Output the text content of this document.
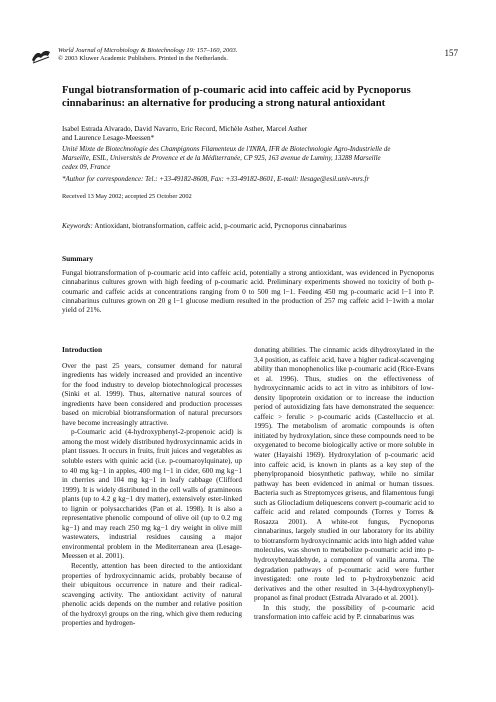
World Journal of Microbiology & Biotechnology 19: 157–160, 2003.
© 2003 Kluwer Academic Publishers. Printed in the Netherlands.
157
Fungal biotransformation of p-coumaric acid into caffeic acid by Pycnoporus cinnabarinus: an alternative for producing a strong natural antioxidant
Isabel Estrada Alvarado, David Navarro, Eric Record, Michèle Asther, Marcel Asther
and Laurence Lesage-Meessen*
Unité Mixte de Biotechnologie des Champignons Filamenteux de l'INRA, IFR de Biotechnologie Agro-Industrielle de
Marseille, ESIL, Universités de Provence et de la Méditerranée, CP 925, 163 avenue de Luminy, 13288 Marseille
cedex 09, France
*Author for correspondence: Tel.: +33-49182-8608, Fax: +33-49182-8601, E-mail: llesage@esil.univ-mrs.fr
Received 13 May 2002; accepted 25 October 2002
Keywords: Antioxidant, biotransformation, caffeic acid, p-coumaric acid, Pycnoporus cinnabarinus
Summary
Fungal biotransformation of p-coumaric acid into caffeic acid, potentially a strong antioxidant, was evidenced in Pycnoporus cinnabarinus cultures grown with high feeding of p-coumaric acid. Preliminary experiments showed no toxicity of both p-coumaric and caffeic acids at concentrations ranging from 0 to 500 mg l−1. Feeding 450 mg p-coumaric acid l−1 into P. cinnabarinus cultures grown on 20 g l−1 glucose medium resulted in the production of 257 mg caffeic acid l−1with a molar yield of 21%.
Introduction

Over the past 25 years, consumer demand for natural ingredients has widely increased and provided an incentive for the food industry to develop biotechnological processes (Sinki et al. 1999). Thus, alternative natural sources of ingredients have been considered and production processes based on microbial biotransformation of natural precursors have become increasingly attractive.

p-Coumaric acid (4-hydroxyphenyl-2-propenoic acid) is among the most widely distributed hydroxycinnamic acids in plant tissues. It occurs in fruits, fruit juices and vegetables as soluble esters with quinic acid (i.e. p-coumaroylquinate), up to 40 mg kg−1 in apples, 400 mg l−1 in cider, 600 mg kg−1 in cherries and 104 mg kg−1 in leafy cabbage (Clifford 1999). It is widely distributed in the cell walls of gramineous plants (up to 4.2 g kg−1 dry matter), extensively ester-linked to lignin or polysaccharides (Pan et al. 1998). It is also a representative phenolic compound of olive oil (up to 0.2 mg kg−1) and may reach 250 mg kg−1 dry weight in olive mill wastewaters, industrial residues causing a major environmental problem in the Mediterranean area (Lesage-Meessen et al. 2001).

Recently, attention has been directed to the antioxidant properties of hydroxycinnamic acids, probably because of their ubiquitous occurrence in nature and their radical-scavenging activity. The antioxidant activity of natural phenolic acids depends on the number and relative position of the hydroxyl groups on the ring, which give them reducing properties and hydrogen-

donating abilities. The cinnamic acids dihydroxylated in the 3,4 position, as caffeic acid, have a higher radical-scavenging ability than monophenolics like p-coumaric acid (Rice-Evans et al. 1996). Thus, studies on the effectiveness of hydroxycinnamic acids to act in vitro as inhibitors of low-density lipoprotein oxidation or to increase the induction period of autoxidizing fats have demonstrated the sequence: caffeic > ferulic > p-coumaric acids (Castelluccio et al. 1995). The metabolism of aromatic compounds is often initiated by hydroxylation, since these compounds need to be oxygenated to become biologically active or more soluble in water (Hayaishi 1969). Hydroxylation of p-coumaric acid into caffeic acid, is known in plants as a key step of the phenylpropanoid biosynthetic pathway, while no similar pathway has been evidenced in animal or human tissues. Bacteria such as Streptomyces griseus, and filamentous fungi such as Gliocladium deliquescens convert p-coumaric acid to caffeic acid and related compounds (Torres y Torres & Rosazza 2001). A white-rot fungus, Pycnoporus cinnabarinus, largely studied in our laboratory for its ability to biotransform hydroxycinnamic acids into high added value molecules, was shown to metabolize p-coumaric acid into p-hydroxybenzaldehyde, a component of vanilla aroma. The degradation pathways of p-coumaric acid were further investigated: one route led to p-hydroxybenzoic acid derivatives and the other resulted in 3-(4-hydroxyphenyl)-propanol as final product (Estrada Alvarado et al. 2001).

In this study, the possibility of p-coumaric acid transformation into caffeic acid by P. cinnabarinus was
